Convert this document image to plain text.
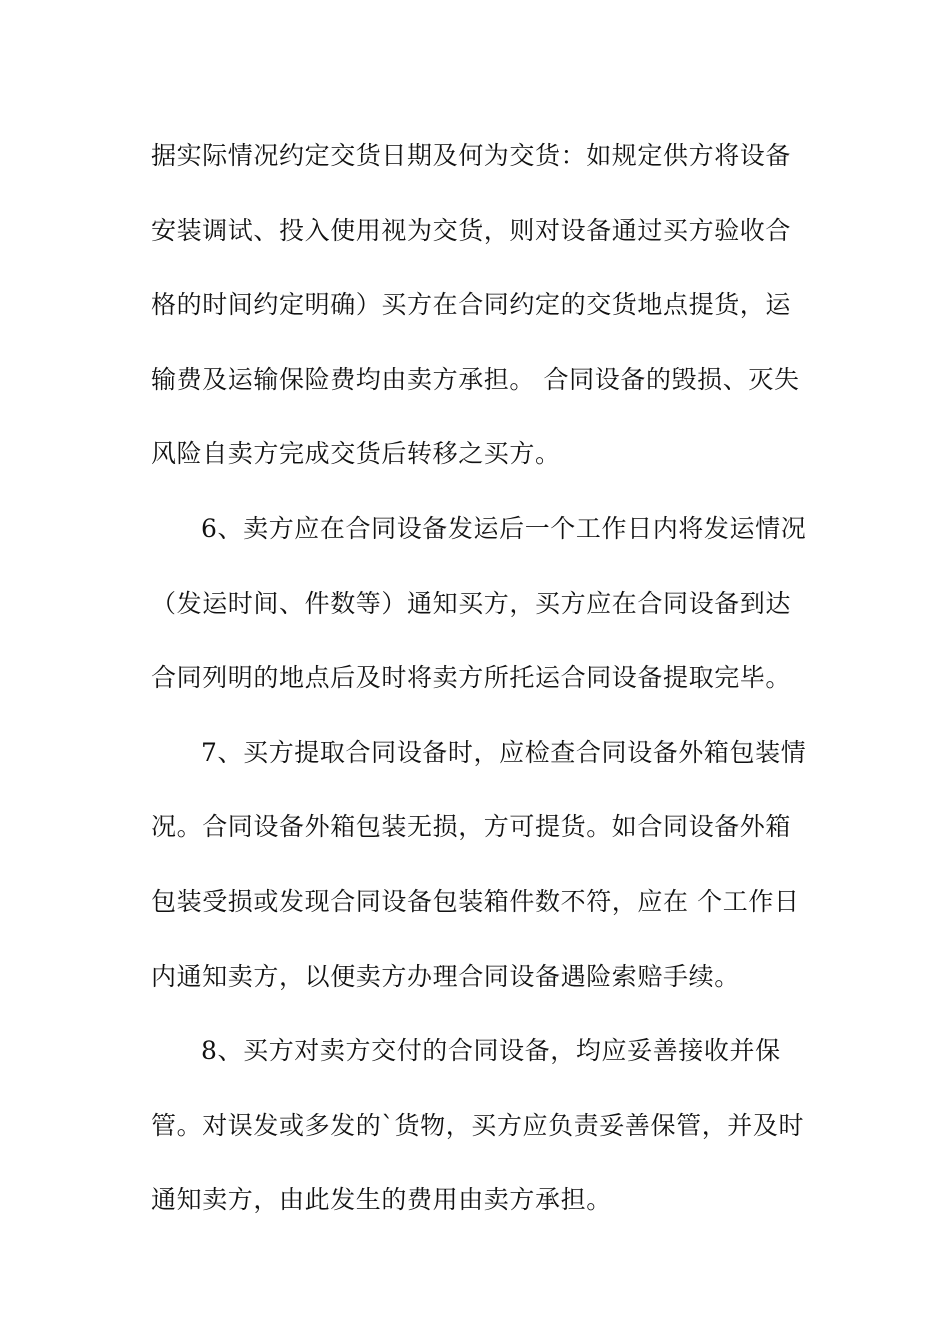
据实际情况约定交货日期及何为交货：如规定供方将设备
安装调试、投入使用视为交货，则对设备通过买方验收合
格的时间约定明确）买方在合同约定的交货地点提货，运
输费及运输保险费均由卖方承担。 合同设备的毁损、灭失
风险自卖方完成交货后转移之买方。
6、卖方应在合同设备发运后一个工作日内将发运情况
（发运时间、件数等）通知买方，买方应在合同设备到达
合同列明的地点后及时将卖方所托运合同设备提取完毕。
7、买方提取合同设备时，应检查合同设备外箱包装情
况。合同设备外箱包装无损，方可提货。如合同设备外箱
包装受损或发现合同设备包装箱件数不符，应在 个工作日
内通知卖方，以便卖方办理合同设备遇险索赔手续。
8、买方对卖方交付的合同设备，均应妥善接收并保
管。对误发或多发的`货物，买方应负责妥善保管，并及时
通知卖方，由此发生的费用由卖方承担。
